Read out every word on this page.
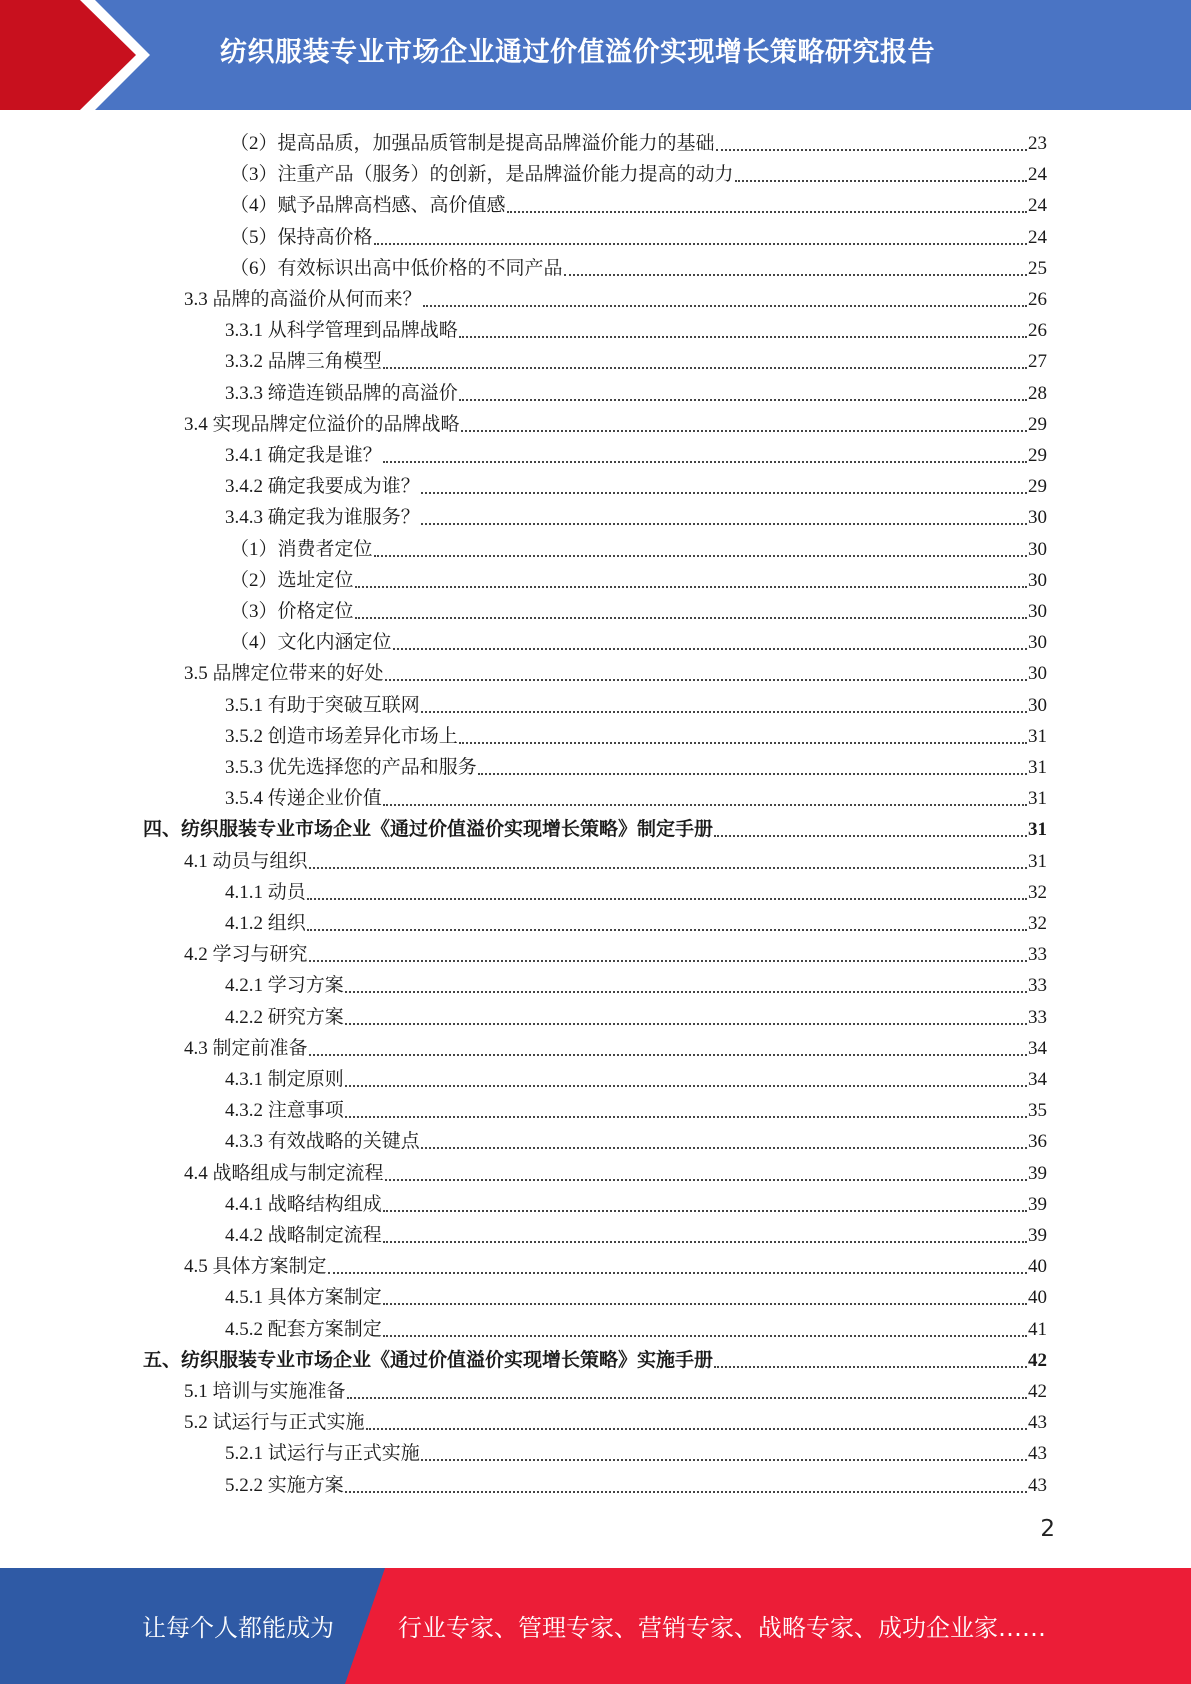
纺织服装专业市场企业通过价值溢价实现增长策略研究报告
（2）提高品质，加强品质管制是提高品牌溢价能力的基础	23
（3）注重产品（服务）的创新，是品牌溢价能力提高的动力	24
（4）赋予品牌高档感、高价值感	24
（5）保持高价格	24
（6）有效标识出高中低价格的不同产品	25
3.3 品牌的高溢价从何而来？	26
3.3.1 从科学管理到品牌战略	26
3.3.2 品牌三角模型	27
3.3.3 缔造连锁品牌的高溢价	28
3.4 实现品牌定位溢价的品牌战略	29
3.4.1 确定我是谁？	29
3.4.2 确定我要成为谁？	29
3.4.3 确定我为谁服务？	30
（1）消费者定位	30
（2）选址定位	30
（3）价格定位	30
（4）文化内涵定位	30
3.5 品牌定位带来的好处	30
3.5.1 有助于突破互联网	30
3.5.2 创造市场差异化市场上	31
3.5.3 优先选择您的产品和服务	31
3.5.4 传递企业价值	31
四、纺织服装专业市场企业《通过价值溢价实现增长策略》制定手册	31
4.1 动员与组织	31
4.1.1 动员	32
4.1.2 组织	32
4.2 学习与研究	33
4.2.1 学习方案	33
4.2.2 研究方案	33
4.3 制定前准备	34
4.3.1 制定原则	34
4.3.2 注意事项	35
4.3.3 有效战略的关键点	36
4.4 战略组成与制定流程	39
4.4.1 战略结构组成	39
4.4.2 战略制定流程	39
4.5 具体方案制定	40
4.5.1 具体方案制定	40
4.5.2 配套方案制定	41
五、纺织服装专业市场企业《通过价值溢价实现增长策略》实施手册	42
5.1 培训与实施准备	42
5.2 试运行与正式实施	43
5.2.1 试运行与正式实施	43
5.2.2 实施方案	43
2
让每个人都能成为	行业专家、管理专家、营销专家、战略专家、成功企业家……
